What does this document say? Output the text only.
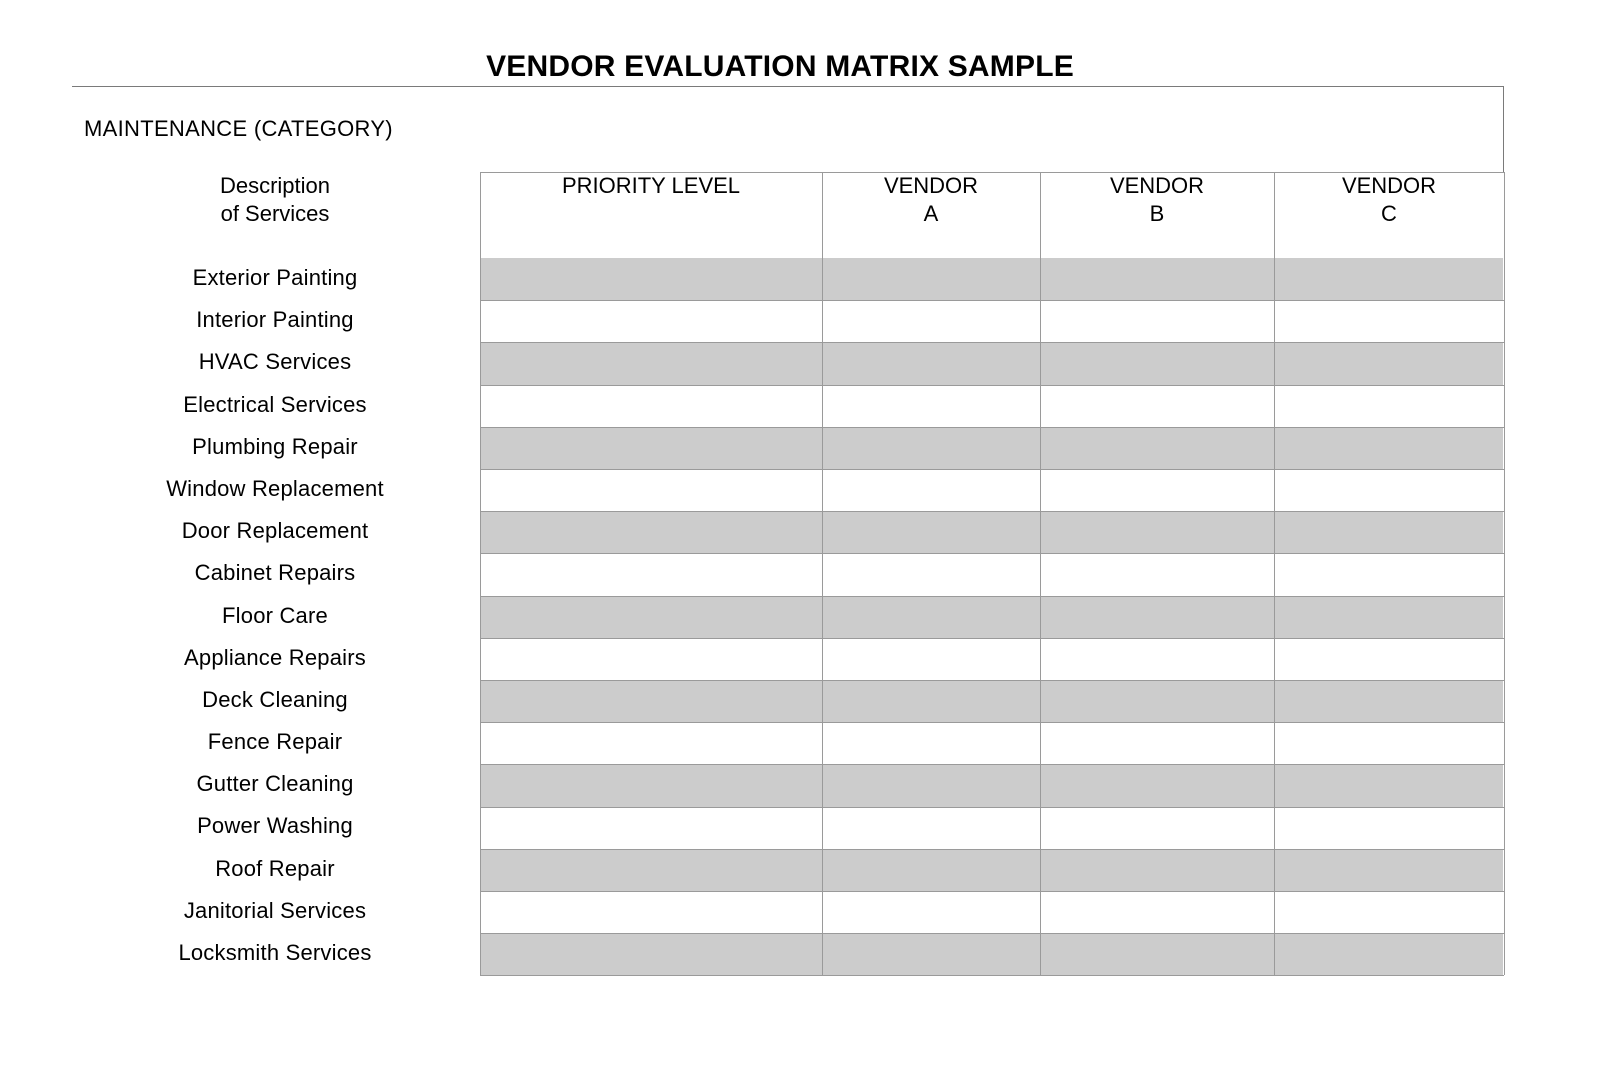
VENDOR EVALUATION MATRIX SAMPLE
MAINTENANCE (CATEGORY)
Description
of Services
Exterior Painting
Interior Painting
HVAC Services
Electrical Services
Plumbing Repair
Window Replacement
Door Replacement
Cabinet Repairs
Floor Care
Appliance Repairs
Deck Cleaning
Fence Repair
Gutter Cleaning
Power Washing
Roof Repair
Janitorial Services
Locksmith Services
PRIORITY LEVEL	VENDOR
A
VENDOR
B
VENDOR
C
